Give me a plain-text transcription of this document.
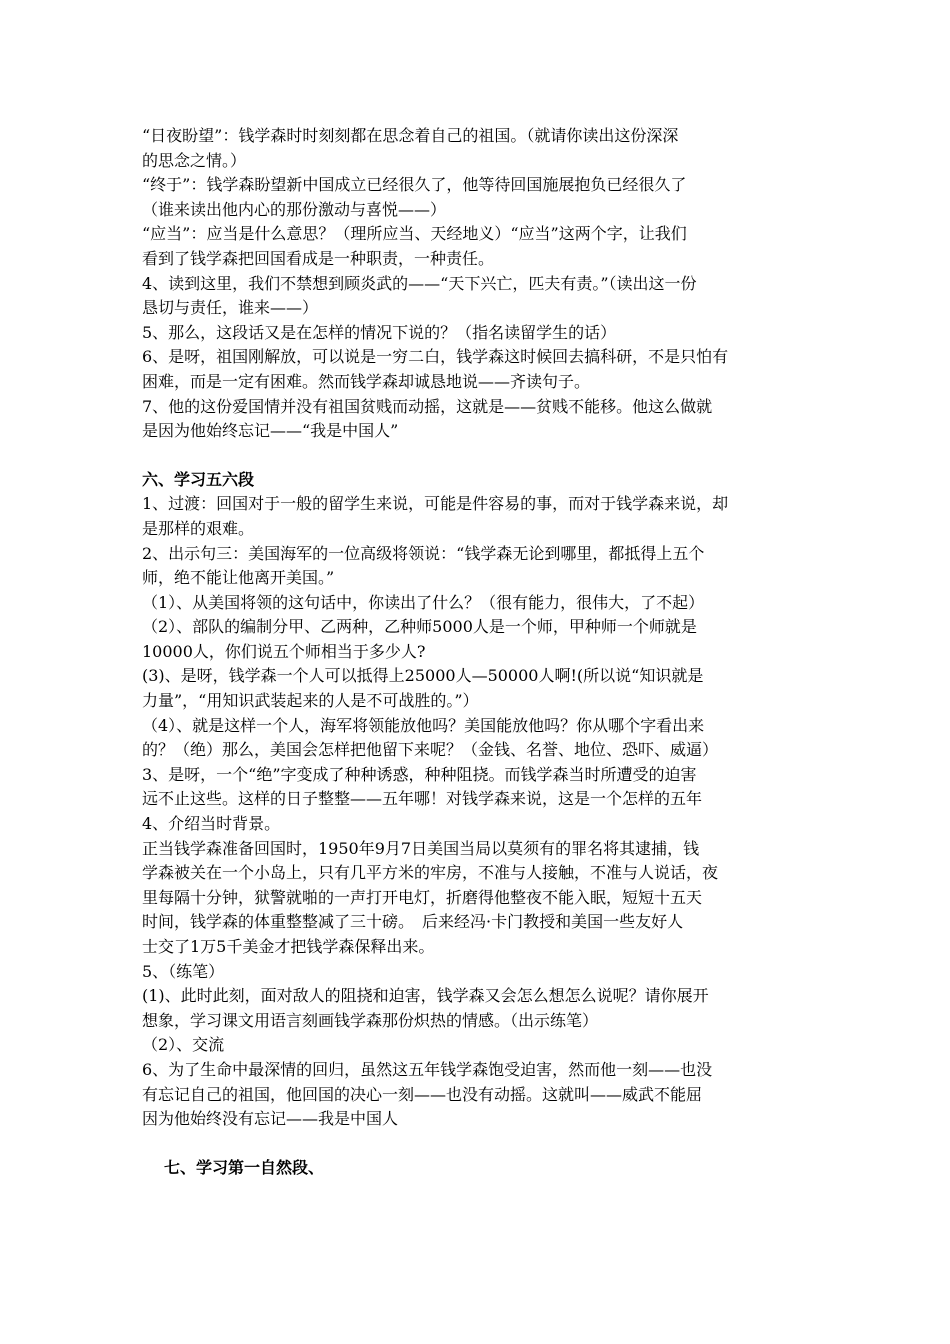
“日夜盼望”：钱学森时时刻刻都在思念着自己的祖国。（就请你读出这份深深
的思念之情。）
“终于”：钱学森盼望新中国成立已经很久了，他等待回国施展抱负已经很久了
（谁来读出他内心的那份激动与喜悦——）
“应当”：应当是什么意思？（理所应当、天经地义）“应当”这两个字，让我们
看到了钱学森把回国看成是一种职责，一种责任。
4、读到这里，我们不禁想到顾炎武的——“天下兴亡，匹夫有责。”（读出这一份
恳切与责任，谁来——）
5、那么，这段话又是在怎样的情况下说的？（指名读留学生的话）
6、是呀，祖国刚解放，可以说是一穷二白，钱学森这时候回去搞科研，不是只怕有
困难，而是一定有困难。然而钱学森却诚恳地说——齐读句子。
7、他的这份爱国情并没有祖国贫贱而动摇，这就是——贫贱不能移。他这么做就
是因为他始终忘记——“我是中国人”
六、学习五六段
1、过渡：回国对于一般的留学生来说，可能是件容易的事，而对于钱学森来说，却
是那样的艰难。
2、出示句三：美国海军的一位高级将领说：“钱学森无论到哪里，都抵得上五个
师，绝不能让他离开美国。”
（1）、从美国将领的这句话中，你读出了什么？（很有能力，很伟大，了不起）
（2）、部队的编制分甲、乙两种，乙种师5000人是一个师，甲种师一个师就是
10000人，你们说五个师相当于多少人?
(3)、是呀，钱学森一个人可以抵得上25000人—50000人啊!(所以说“知识就是
力量”，“用知识武装起来的人是不可战胜的。”）
（4）、就是这样一个人，海军将领能放他吗？美国能放他吗？你从哪个字看出来
的？（绝）那么，美国会怎样把他留下来呢？（金钱、名誉、地位、恐吓、威逼）
3、是呀，一个“绝”字变成了种种诱惑，种种阻挠。而钱学森当时所遭受的迫害
远不止这些。这样的日子整整——五年哪！对钱学森来说，这是一个怎样的五年
4、介绍当时背景。
正当钱学森准备回国时，1950年9月7日美国当局以莫须有的罪名将其逮捕，钱
学森被关在一个小岛上，只有几平方米的牢房，不准与人接触，不准与人说话，夜
里每隔十分钟，狱警就啪的一声打开电灯，折磨得他整夜不能入眠，短短十五天
时间，钱学森的体重整整减了三十磅。　后来经冯·卡门教授和美国一些友好人
士交了1万5千美金才把钱学森保释出来。
5、（练笔）
(1)、此时此刻，面对敌人的阻挠和迫害，钱学森又会怎么想怎么说呢？请你展开
想象，学习课文用语言刻画钱学森那份炽热的情感。（出示练笔）
（2）、交流
6、为了生命中最深情的回归，虽然这五年钱学森饱受迫害，然而他一刻——也没
有忘记自己的祖国，他回国的决心一刻——也没有动摇。这就叫——威武不能屈
因为他始终没有忘记——我是中国人
七、学习第一自然段、
